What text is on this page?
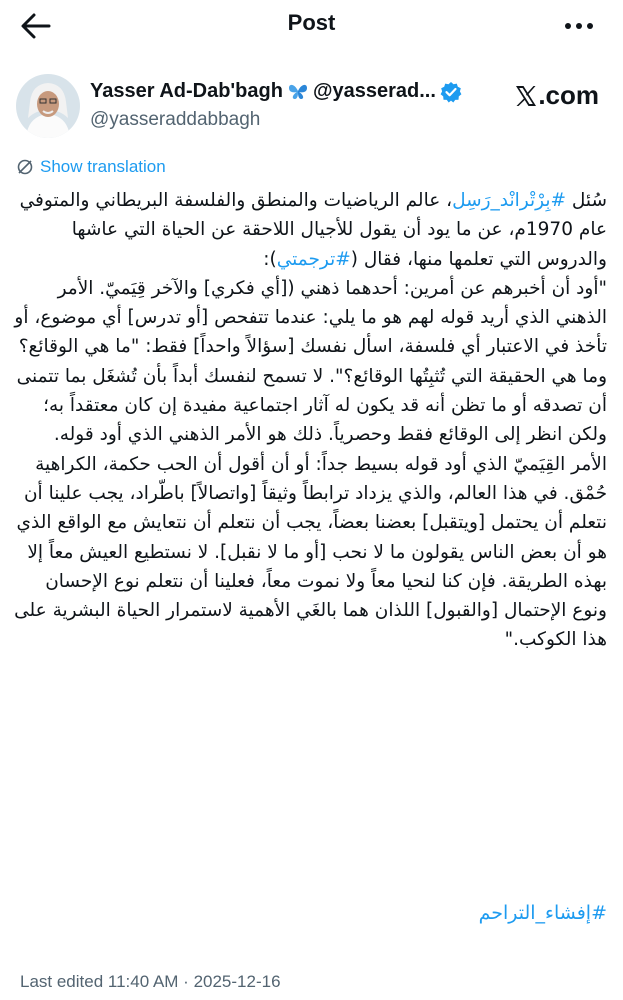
Post
Yasser Ad-Dab'bagh @yasserad...
@yasseraddabbagh
.com
Show translation
سُئل #بِرْتْرانْد_رَسِل، عالم الرياضيات والمنطق والفلسفة البريطاني والمتوفي عام 1970م، عن ما يود أن يقول للأجيال اللاحقة عن الحياة التي عاشها والدروس التي تعلمها منها، فقال (#ترجمتي):
"أود أن أخبرهم عن أمرين: أحدهما ذهني ([أي فكري] والآخر قِيَميّ. الأمر الذهني الذي أريد قوله لهم هو ما يلي: عندما تتفحص [أو تدرس] أي موضوع، أو تأخذ في الاعتبار أي فلسفة، اسأل نفسك [سؤالاً واحداً] فقط: "ما هي الوقائع؟ وما هي الحقيقة التي تُثبِتُها الوقائع؟". لا تسمح لنفسك أبداً بأن تُشغَل بما تتمنى أن تصدقه أو ما تظن أنه قد يكون له آثار اجتماعية مفيدة إن كان معتقداً به؛ ولكن انظر إلى الوقائع فقط وحصرياً. ذلك هو الأمر الذهني الذي أود قوله. الأمر القِيَميّ الذي أود قوله بسيط جداً: أو أن أقول أن الحب حكمة، الكراهية حُمْق. في هذا العالم، والذي يزداد ترابطاً وثيقاً [واتصالاً] باطّراد، يجب علينا أن نتعلم أن يحتمل [ويتقبل] بعضنا بعضاً، يجب أن نتعلم أن نتعايش مع الواقع الذي هو أن بعض الناس يقولون ما لا نحب [أو ما لا نقبل]. لا نستطيع العيش معاً إلا بهذه الطريقة. فإن كنا لنحيا معاً ولا نموت معاً، فعلينا أن نتعلم نوع الإحسان ونوع الإحتمال [والقبول] اللذان هما بالغَي الأهمية لاستمرار الحياة البشرية على هذا الكوكب."
#إفشاء_التراحم
Last edited 11:40 AM · 2025-12-16
